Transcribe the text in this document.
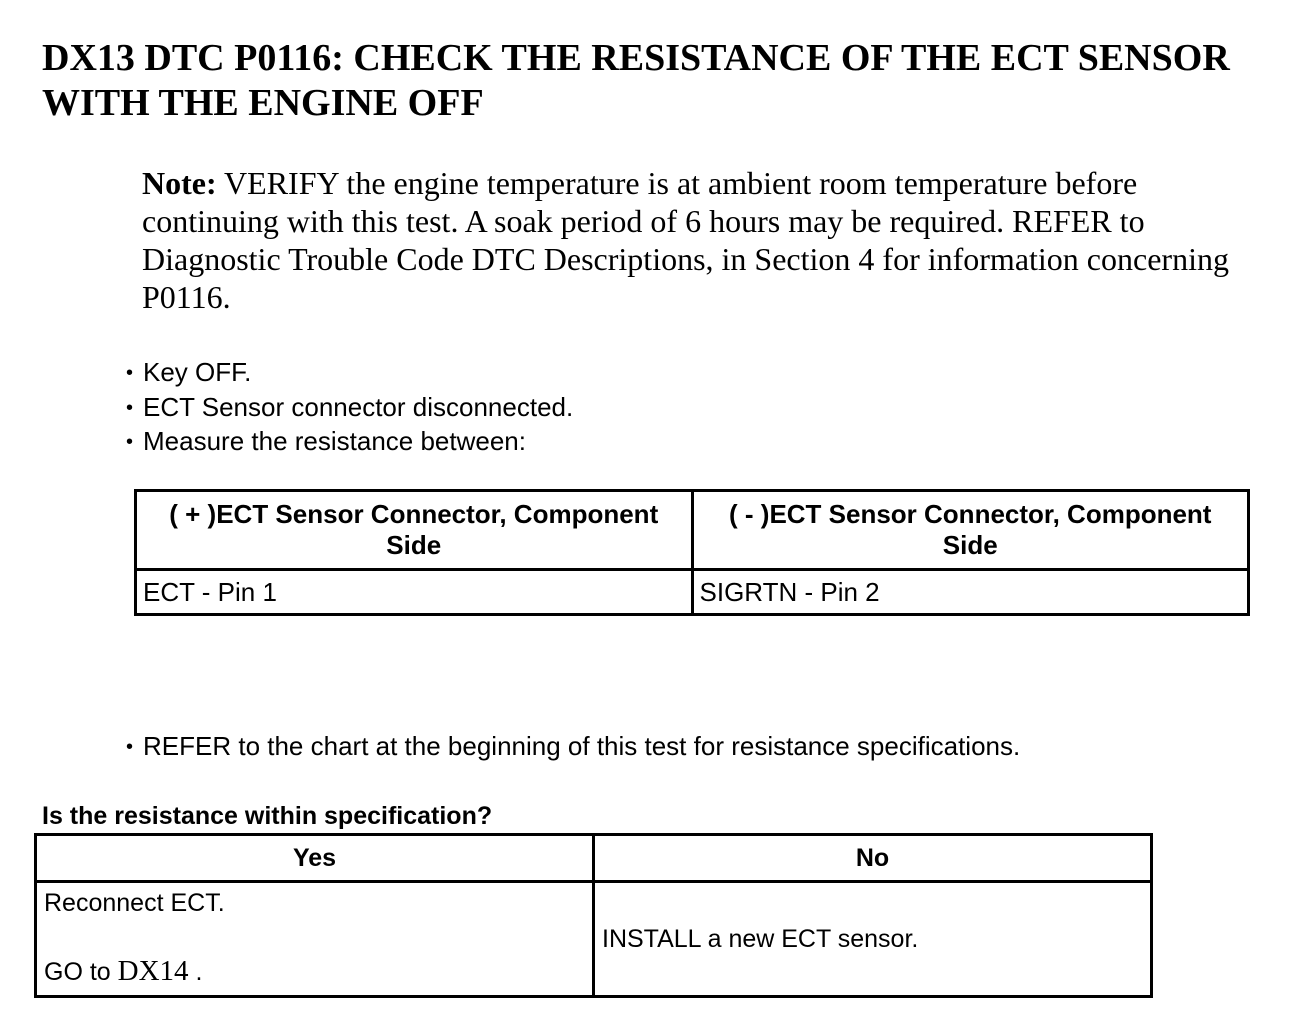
DX13 DTC P0116: CHECK THE RESISTANCE OF THE ECT SENSOR WITH THE ENGINE OFF
Note: VERIFY the engine temperature is at ambient room temperature before continuing with this test. A soak period of 6 hours may be required. REFER to Diagnostic Trouble Code DTC Descriptions, in Section 4 for information concerning P0116.
• Key OFF.
• ECT Sensor connector disconnected.
• Measure the resistance between:
( + )ECT Sensor Connector, Component Side	( - )ECT Sensor Connector, Component Side
ECT - Pin 1	SIGRTN - Pin 2
• REFER to the chart at the beginning of this test for resistance specifications.
Is the resistance within specification?
Yes	No

Reconnect ECT.
GO to DX14 .	INSTALL a new ECT sensor.
